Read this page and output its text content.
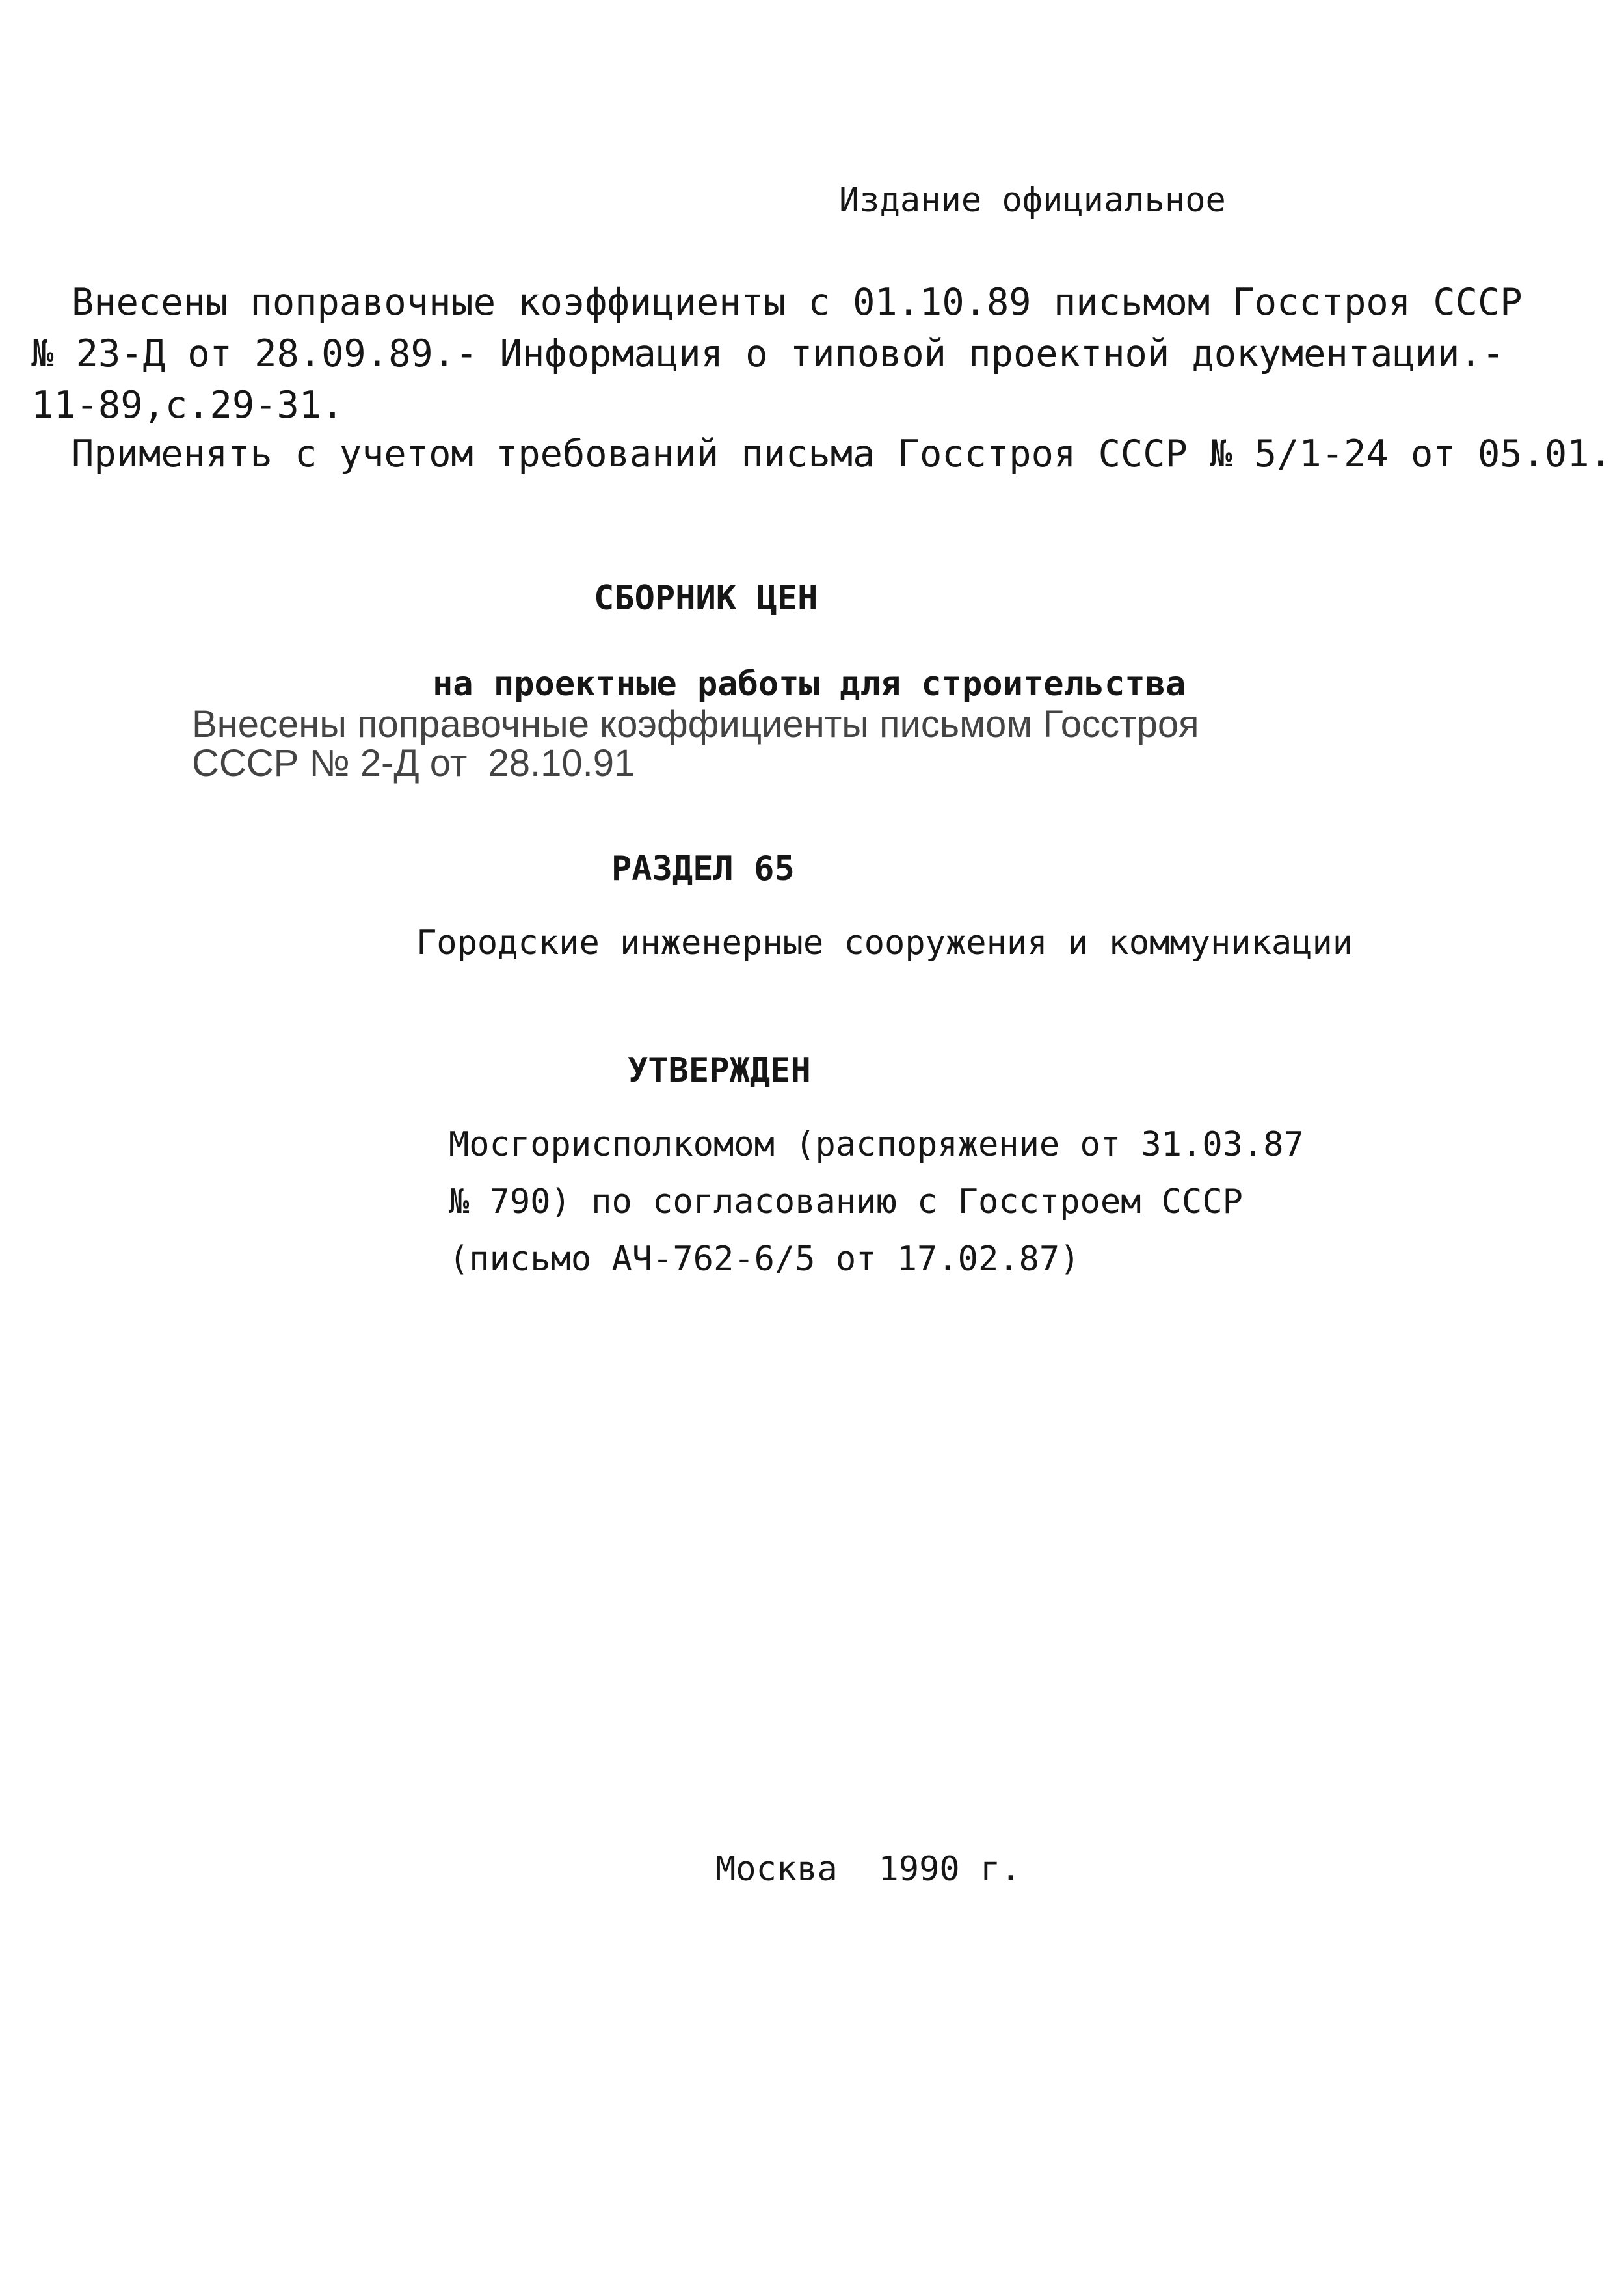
Издание официальное
Внесены поправочные коэффициенты с 01.10.89 письмом Госстроя СССР
№ 23-Д от 28.09.89.- Информация о типовой проектной документации.-
11-89,с.29-31.
Применять с учетом требований письма Госстроя СССР № 5/1-24 от 05.01.
СБОРНИК ЦЕН
на проектные работы для строительства
Внесены поправочные коэффициенты письмом Госстроя
СССР № 2-Д от  28.10.91
РАЗДЕЛ 65
Городские инженерные сооружения и коммуникации
УТВЕРЖДЕН
Мосгорисполкомом (распоряжение от 31.03.87
№ 790) по согласованию с Госстроем СССР
(письмо АЧ-762-6/5 от 17.02.87)
Москва  1990 г.
